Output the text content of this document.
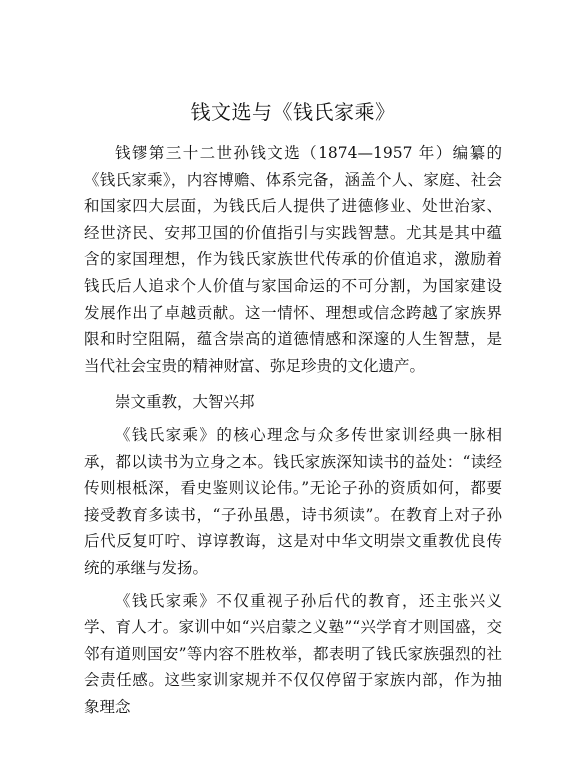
钱文选与《钱氏家乘》

钱镠第三十二世孙钱文选（1874—1957 年）编纂的《钱氏家乘》，内容博赡、体系完备，涵盖个人、家庭、社会和国家四大层面，为钱氏后人提供了进德修业、处世治家、经世济民、安邦卫国的价值指引与实践智慧。尤其是其中蕴含的家国理想，作为钱氏家族世代传承的价值追求，激励着钱氏后人追求个人价值与家国命运的不可分割，为国家建设发展作出了卓越贡献。这一情怀、理想或信念跨越了家族界限和时空阻隔，蕴含崇高的道德情感和深邃的人生智慧，是当代社会宝贵的精神财富、弥足珍贵的文化遗产。

崇文重教，大智兴邦

《钱氏家乘》的核心理念与众多传世家训经典一脉相承，都以读书为立身之本。钱氏家族深知读书的益处：“读经传则根柢深，看史鉴则议论伟。”无论子孙的资质如何，都要接受教育多读书，“子孙虽愚，诗书须读”。在教育上对子孙后代反复叮咛、谆谆教诲，这是对中华文明崇文重教优良传统的承继与发扬。

《钱氏家乘》不仅重视子孙后代的教育，还主张兴义学、育人才。家训中如“兴启蒙之义塾”“兴学育才则国盛，交邻有道则国安”等内容不胜枚举，都表明了钱氏家族强烈的社会责任感。这些家训家规并不仅仅停留于家族内部，作为抽象理念
